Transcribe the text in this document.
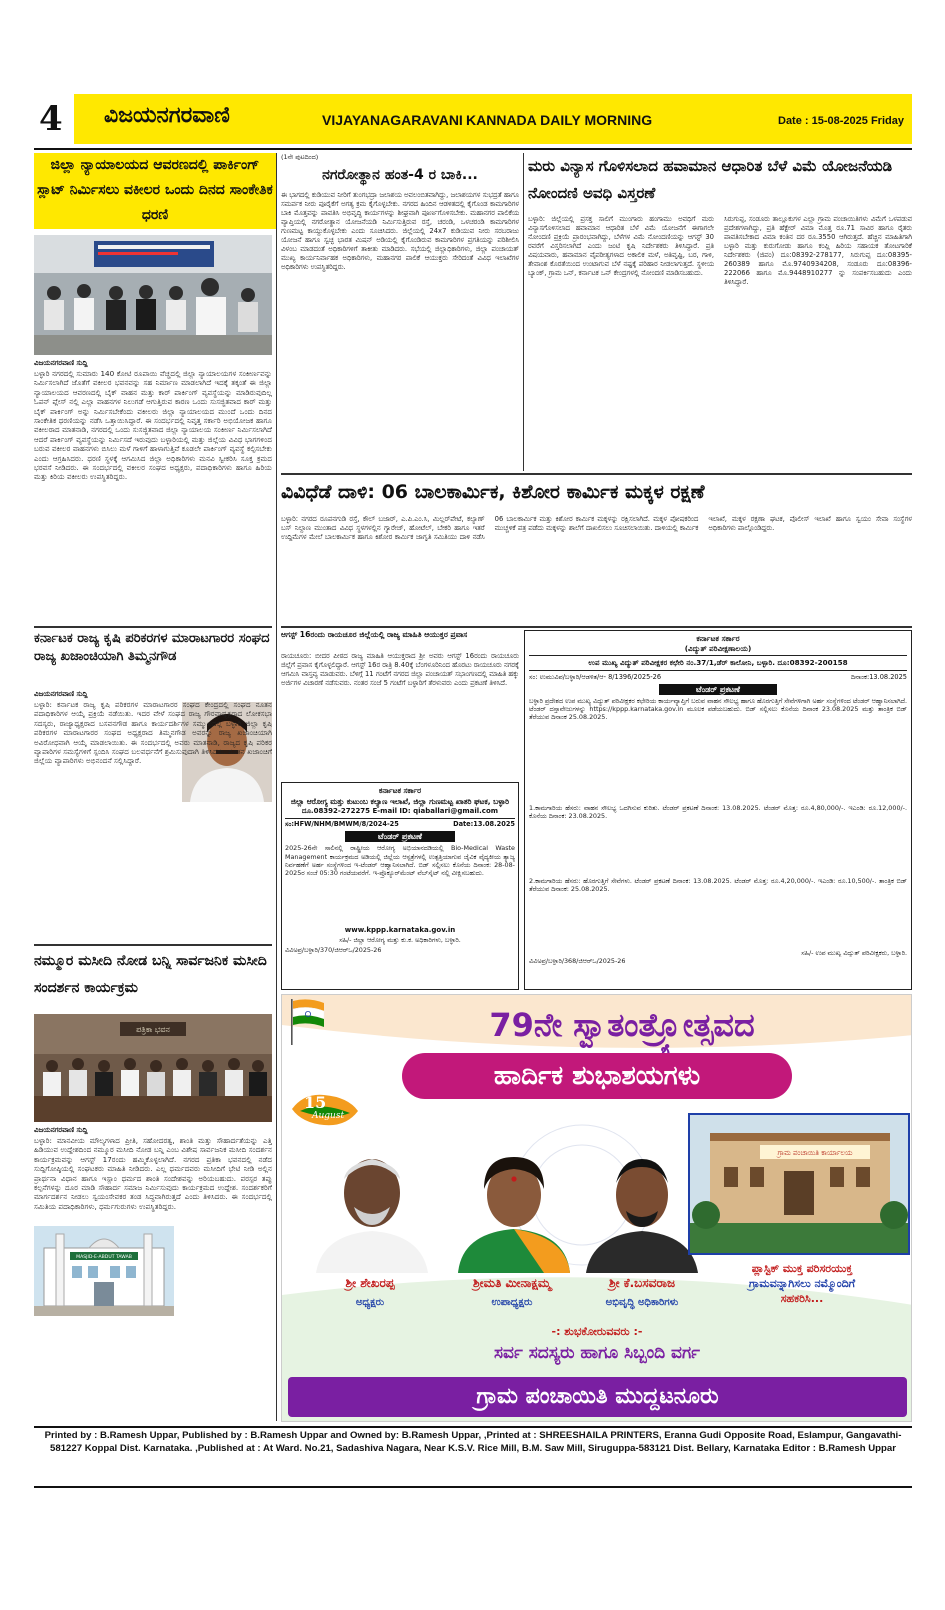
4 ವಿಜಯನಗರವಾಣಿ	VIJAYANAGARAVANI KANNADA DAILY MORNING	Date : 15-08-2025 Friday
ಜಿಲ್ಲಾ ನ್ಯಾಯಾಲಯದ ಆವರಣದಲ್ಲಿ ಪಾರ್ಕಿಂಗ್ ಸ್ಲಾಟ್ ನಿರ್ಮಿಸಲು ವಕೀಲರ ಒಂದು ದಿನದ ಸಾಂಕೇತಿಕ ಧರಣಿ
ವಿಜಯನಗರವಾಣಿ ಸುದ್ದಿ
ಬಳ್ಳಾರಿ ನಗರದಲ್ಲಿ ಸುಮಾರು 140 ಕೋಟಿ ರೂಪಾಯಿ ವೆಚ್ಚದಲ್ಲಿ ಜಿಲ್ಲಾ ನ್ಯಾಯಾಲಯಗಳ ಸಂಕೀರ್ಣವನ್ನು ನಿರ್ಮಿಸಲಾಗಿದೆ ಜೊತೆಗೆ ವಕೀಲರ ಭವನವನ್ನು ಸಹ ನಿರ್ಮಾಣ ಮಾಡಲಾಗಿದೆ ಇದಕ್ಕೆ ತಕ್ಕಂತೆ ಈ ಜಿಲ್ಲಾ ನ್ಯಾಯಾಲಯದ ಆವರಣದಲ್ಲಿ ಬೈಕ್ ವಾಹನ ಮತ್ತು ಕಾರ್ ಪಾರ್ಕಿಂಗ್ ವ್ಯವಸ್ಥೆಯನ್ನು ಮಾಡಿರುವುದಿಲ್ಲ ಓಪನ್ ಪ್ಲೇಸ್ ನಲ್ಲಿ ಎಲ್ಲಾ ವಾಹನಗಳ ನಿಲುಗಡೆ ಆಗುತ್ತಿರುವ ಕಾರಣ ಒಂದು ಸುಸಜ್ಜಿತವಾದ ಕಾರ್ ಮತ್ತು ಬೈಕ್ ಪಾರ್ಕಿಂಗ್ ಅನ್ನು ನಿರ್ಮಿಸಬೇಕೆಂದು ವಕೀಲರು ಜಿಲ್ಲಾ ನ್ಯಾಯಾಲಯದ ಮುಂದೆ ಒಂದು ದಿನದ ಸಾಂಕೇತಿಕ ಧರಣಿಯನ್ನು ನಡೆಸಿ ಒತ್ತಾಯಿಸಿದ್ದಾರೆ. ಈ ಸಂದರ್ಭದಲ್ಲಿ ನಿವೃತ್ತ ಸರ್ಕಾರಿ ಅಭಿಯೋಜಕ ಹಾಗೂ ವಕೀಲರಾದ ಮಾತನಾಡಿ, ನಗರದಲ್ಲಿ ಒಂದು ಸುಸಜ್ಜಿತವಾದ ಜಿಲ್ಲಾ ನ್ಯಾಯಾಲಯ ಸಂಕೀರ್ಣ ನಿರ್ಮಿಸಲಾಗಿದೆ ಆದರೆ ಪಾರ್ಕಿಂಗ್ ವ್ಯವಸ್ಥೆಯನ್ನು ನಿರ್ಮಿಸದೆ ಇರುವುದು ಬಳ್ಳಾರಿಯಲ್ಲಿ ಮತ್ತು ಜಿಲ್ಲೆಯ ವಿವಿಧ ಭಾಗಗಳಿಂದ ಬರುವ ವಕೀಲರ ವಾಹನಗಳು ಬಿಸಿಲು ಮಳೆ ಗಾಳಿಗೆ ಹಾಳಾಗುತ್ತಿವೆ ಕೂಡಲೇ ಪಾರ್ಕಿಂಗ್ ವ್ಯವಸ್ಥೆ ಕಲ್ಪಿಸಬೇಕು ಎಂದು ಆಗ್ರಹಿಸಿದರು. ಧರಣಿ ಸ್ಥಳಕ್ಕೆ ಆಗಮಿಸಿದ ಜಿಲ್ಲಾ ಅಧಿಕಾರಿಗಳು ಮನವಿ ಸ್ವೀಕರಿಸಿ ಸೂಕ್ತ ಕ್ರಮದ ಭರವಸೆ ನೀಡಿದರು. ಈ ಸಂದರ್ಭದಲ್ಲಿ ವಕೀಲರ ಸಂಘದ ಅಧ್ಯಕ್ಷರು, ಪದಾಧಿಕಾರಿಗಳು ಹಾಗೂ ಹಿರಿಯ ಮತ್ತು ಕಿರಿಯ ವಕೀಲರು ಉಪಸ್ಥಿತರಿದ್ದರು.
ಕರ್ನಾಟಕ ರಾಜ್ಯ ಕೃಷಿ ಪರಿಕರಗಳ ಮಾರಾಟಗಾರರ ಸಂಘದ ರಾಜ್ಯ ಖಜಾಂಚಿಯಾಗಿ ತಿಮ್ಮನಗೌಡ
ವಿಜಯನಗರವಾಣಿ ಸುದ್ದಿ
ಬಳ್ಳಾರಿ: ಕರ್ನಾಟಕ ರಾಜ್ಯ ಕೃಷಿ ಪರಿಕರಗಳ ಮಾರಾಟಗಾರರ ಸಂಘದ ಕೇಂದ್ರದಲ್ಲಿ ಸಂಘದ ನೂತನ ಪದಾಧಿಕಾರಿಗಳ ಆಯ್ಕೆ ಪ್ರಕ್ರಿಯೆ ನಡೆಯಿತು. ಇದರ ವೇಳೆ ಸಂಘದ ರಾಜ್ಯ ಗೌರವಾಧ್ಯಕ್ಷರಾದ ಲೋಕಸಭಾ ಸದಸ್ಯರು, ರಾಜ್ಯಾಧ್ಯಕ್ಷರಾದ ಬಸವನಗೌಡ ಹಾಗೂ ಕಾರ್ಯದರ್ಶಿಗಳ ಸಮ್ಮುಖದಲ್ಲಿ ಬಳ್ಳಾರಿ ಜಿಲ್ಲಾ ಕೃಷಿ ಪರಿಕರಗಳ ಮಾರಾಟಗಾರರ ಸಂಘದ ಅಧ್ಯಕ್ಷರಾದ ತಿಮ್ಮನಗೌಡ ಅವರನ್ನು ರಾಜ್ಯ ಖಜಾಂಚಿಯಾಗಿ ಅವಿರೋಧವಾಗಿ ಆಯ್ಕೆ ಮಾಡಲಾಯಿತು. ಈ ಸಂದರ್ಭದಲ್ಲಿ ಅವರು ಮಾತನಾಡಿ, ರಾಜ್ಯದ ಕೃಷಿ ಪರಿಕರ ವ್ಯಾಪಾರಿಗಳ ಸಮಸ್ಯೆಗಳಿಗೆ ಸ್ಪಂದಿಸಿ ಸಂಘದ ಬಲವರ್ಧನೆಗೆ ಶ್ರಮಿಸುವುದಾಗಿ ತಿಳಿಸಿದರು. ನೂತನ ಖಜಾಂಚಿಗೆ ಜಿಲ್ಲೆಯ ವ್ಯಾಪಾರಿಗಳು ಅಭಿನಂದನೆ ಸಲ್ಲಿಸಿದ್ದಾರೆ.
ನಮ್ಮೂರ ಮಸೀದಿ ನೋಡ ಬನ್ನಿ ಸಾರ್ವಜನಿಕ ಮಸೀದಿ ಸಂದರ್ಶನ ಕಾರ್ಯಕ್ರಮ
ಪತ್ರಿಕಾ ಭವನ
ವಿಜಯನಗರವಾಣಿ ಸುದ್ದಿ
ಬಳ್ಳಾರಿ: ಮಾನವೀಯ ಮೌಲ್ಯಗಳಾದ ಪ್ರೀತಿ, ಸಹೋದರತ್ವ, ಶಾಂತಿ ಮತ್ತು ಸೌಹಾರ್ದತೆಯನ್ನು ಎತ್ತಿ ಹಿಡಿಯುವ ಉದ್ದೇಶದಿಂದ ನಮ್ಮೂರ ಮಸೀದಿ ನೋಡ ಬನ್ನಿ ಎಂಬ ವಿಶೇಷ ಸಾರ್ವಜನಿಕ ಮಸೀದಿ ಸಂದರ್ಶನ ಕಾರ್ಯಕ್ರಮವನ್ನು ಆಗಸ್ಟ್ 17ರಂದು ಹಮ್ಮಿಕೊಳ್ಳಲಾಗಿದೆ. ನಗರದ ಪ್ರತಿಕಾ ಭವನದಲ್ಲಿ ನಡೆದ ಸುದ್ದಿಗೋಷ್ಠಿಯಲ್ಲಿ ಸಂಘಟಕರು ಮಾಹಿತಿ ನೀಡಿದರು. ಎಲ್ಲ ಧರ್ಮದವರು ಮಸೀದಿಗೆ ಭೇಟಿ ನೀಡಿ ಅಲ್ಲಿನ ಪ್ರಾರ್ಥನಾ ವಿಧಾನ ಹಾಗೂ ಇಸ್ಲಾಂ ಧರ್ಮದ ಶಾಂತಿ ಸಂದೇಶವನ್ನು ಅರಿಯಬಹುದು. ಪರಸ್ಪರ ತಪ್ಪು ಕಲ್ಪನೆಗಳನ್ನು ದೂರ ಮಾಡಿ ಸೌಹಾರ್ದ ಸಮಾಜ ನಿರ್ಮಿಸುವುದು ಕಾರ್ಯಕ್ರಮದ ಉದ್ದೇಶ. ಸಂದರ್ಶಕರಿಗೆ ಮಾರ್ಗದರ್ಶನ ನೀಡಲು ಸ್ವಯಂಸೇವಕರ ತಂಡ ಸಿದ್ಧವಾಗಿರುತ್ತದೆ ಎಂದು ತಿಳಿಸಿದರು. ಈ ಸಂದರ್ಭದಲ್ಲಿ ಸಮಿತಿಯ ಪದಾಧಿಕಾರಿಗಳು, ಧರ್ಮಗುರುಗಳು ಉಪಸ್ಥಿತರಿದ್ದರು.
MASJID-E-ABDUT TAWAB
(1ನೇ ಪುಟದಿಂದ)
ನಗರೋತ್ಥಾನ ಹಂತ-4 ರ ಬಾಕಿ...
ಈ ಭಾಗದಲ್ಲಿ ಕುಡಿಯುವ ನೀರಿಗೆ ತುಂಗಭದ್ರಾ ಜಲಾಶಯ ಅವಲಂಬಿತವಾಗಿದ್ದು, ಜಲಾಶಯಗಳ ಸುಭದ್ರತೆ ಹಾಗೂ ಸಮರ್ಪಕ ನೀರು ಪೂರೈಕೆಗೆ ಅಗತ್ಯ ಕ್ರಮ ಕೈಗೊಳ್ಳಬೇಕು. ನಗರದ ಹಿಂದಿನ ಆಡಳಿತದಲ್ಲಿ ಕೈಗೊಂಡ ಕಾಮಗಾರಿಗಳ ಬಾಕಿ ಮೊತ್ತವನ್ನು ಪಾವತಿಸಿ ಅಭಿವೃದ್ಧಿ ಕಾರ್ಯಗಳನ್ನು ಶೀಘ್ರವಾಗಿ ಪೂರ್ಣಗೊಳಿಸಬೇಕು. ಮಹಾನಗರ ಪಾಲಿಕೆಯ ವ್ಯಾಪ್ತಿಯಲ್ಲಿ ನಗರೋತ್ಥಾನ ಯೋಜನೆಯಡಿ ನಿರ್ಮಿಸುತ್ತಿರುವ ರಸ್ತೆ, ಚರಂಡಿ, ಒಳಚರಂಡಿ ಕಾಮಗಾರಿಗಳ ಗುಣಮಟ್ಟ ಕಾಯ್ದುಕೊಳ್ಳಬೇಕು ಎಂದು ಸೂಚಿಸಿದರು. ಜಿಲ್ಲೆಯಲ್ಲಿ 24x7 ಕುಡಿಯುವ ನೀರು ಸರಬರಾಜು ಯೋಜನೆ ಹಾಗೂ ಸ್ವಚ್ಛ ಭಾರತ ಮಿಷನ್ ಅಡಿಯಲ್ಲಿ ಕೈಗೊಂಡಿರುವ ಕಾಮಗಾರಿಗಳ ಪ್ರಗತಿಯನ್ನು ಪರಿಶೀಲಿಸಿ ವಿಳಂಬ ಮಾಡದಂತೆ ಅಧಿಕಾರಿಗಳಿಗೆ ತಾಕೀತು ಮಾಡಿದರು. ಸಭೆಯಲ್ಲಿ ಜಿಲ್ಲಾಧಿಕಾರಿಗಳು, ಜಿಲ್ಲಾ ಪಂಚಾಯತ್ ಮುಖ್ಯ ಕಾರ್ಯನಿರ್ವಾಹಕ ಅಧಿಕಾರಿಗಳು, ಮಹಾನಗರ ಪಾಲಿಕೆ ಆಯುಕ್ತರು ಸೇರಿದಂತೆ ವಿವಿಧ ಇಲಾಖೆಗಳ ಅಧಿಕಾರಿಗಳು ಉಪಸ್ಥಿತರಿದ್ದರು.
ಮರು ವಿನ್ಯಾಸ ಗೊಳಿಸಲಾದ ಹವಾಮಾನ ಆಧಾರಿತ ಬೆಳೆ ವಿಮೆ ಯೋಜನೆಯಡಿ ನೋಂದಣಿ ಅವಧಿ ವಿಸ್ತರಣೆ
ಬಳ್ಳಾರಿ: ಜಿಲ್ಲೆಯಲ್ಲಿ ಪ್ರಸಕ್ತ ಸಾಲಿಗೆ ಮುಂಗಾರು ಹಂಗಾಮು ಅವಧಿಗೆ ಮರು ವಿನ್ಯಾಸಗೊಳಿಸಲಾದ ಹವಾಮಾನ ಆಧಾರಿತ ಬೆಳೆ ವಿಮೆ ಯೋಜನೆಗೆ ಈಗಾಗಲೇ ನೋಂದಣಿ ಪ್ರಕ್ರಿಯೆ ಪ್ರಾರಂಭವಾಗಿದ್ದು, ಬೆಳೆಗಳ ವಿಮೆ ನೋಂದಣಿಯನ್ನು ಆಗಸ್ಟ್ 30 ರವರೆಗೆ ವಿಸ್ತರಿಸಲಾಗಿದೆ ಎಂದು ಜಂಟಿ ಕೃಷಿ ನಿರ್ದೇಶಕರು ತಿಳಿಸಿದ್ದಾರೆ. ಪ್ರತಿ ವಿಷಯವಾರು, ಹವಾಮಾನ ವೈಪರೀತ್ಯಗಳಾದ ಅಕಾಲಿಕ ಮಳೆ, ಅತಿವೃಷ್ಟಿ, ಬರ, ಗಾಳಿ, ತೇವಾಂಶ ಕೊರತೆಯಿಂದ ಉಂಟಾಗುವ ಬೆಳೆ ನಷ್ಟಕ್ಕೆ ಪರಿಹಾರ ನೀಡಲಾಗುತ್ತದೆ. ಸ್ಥಳೀಯ ಬ್ಯಾಂಕ್, ಗ್ರಾಮ ಒನ್, ಕರ್ನಾಟಕ ಒನ್ ಕೇಂದ್ರಗಳಲ್ಲಿ ನೋಂದಣಿ ಮಾಡಿಸಬಹುದು.
ಸಿರುಗುಪ್ಪ, ಸಂಡೂರು ತಾಲ್ಲೂಕುಗಳ ಎಲ್ಲಾ ಗ್ರಾಮ ಪಂಚಾಯಿತಿಗಳು ವಿಮೆಗೆ ಒಳಪಡುವ ಪ್ರದೇಶಗಳಾಗಿದ್ದು, ಪ್ರತಿ ಹೆಕ್ಟೇರ್ ವಿಮಾ ಮೊತ್ತ ರೂ.71 ಸಾವಿರ ಹಾಗೂ ರೈತರು ಪಾವತಿಸಬೇಕಾದ ವಿಮಾ ಕಂತಿನ ದರ ರೂ.3550 ಆಗಿರುತ್ತದೆ. ಹೆಚ್ಚಿನ ಮಾಹಿತಿಗಾಗಿ ಬಳ್ಳಾರಿ ಮತ್ತು ಕುರುಗೋಡು ಹಾಗೂ ಕಂಪ್ಲಿ ಹಿರಿಯ ಸಹಾಯಕ ತೋಟಗಾರಿಕೆ ನಿರ್ದೇಶಕರು (ಜಿಪಂ) ದೂ:08392-278177, ಸಿರುಗುಪ್ಪ ದೂ:08395-260389 ಹಾಗೂ ಮೊ.9740934208, ಸಂಡೂರು ದೂ:08396-222066 ಹಾಗೂ ಮೊ.9448910277 ನ್ನು ಸಂಪರ್ಕಿಸಬಹುದು ಎಂದು ತಿಳಿಸಿದ್ದಾರೆ.
ವಿವಿಧೆಡೆ ದಾಳಿ: 06 ಬಾಲಕಾರ್ಮಿಕ, ಕಿಶೋರ ಕಾರ್ಮಿಕ ಮಕ್ಕಳ ರಕ್ಷಣೆ
ಬಳ್ಳಾರಿ: ನಗರದ ರೂಪನಗುಡಿ ರಸ್ತೆ, ಕೌಲ್ ಬಜಾರ್, ಎ.ಪಿ.ಎಂ.ಸಿ, ಮಿಲ್ಲರ್‌ಪೇಟೆ, ಕಲ್ಯಾಣ್ ಬಸ್ ನಿಲ್ದಾಣ ಮುಂತಾದ ವಿವಿಧ ಸ್ಥಳಗಳಲ್ಲಿನ ಗ್ಯಾರೇಜ್, ಹೋಟೆಲ್, ಬೇಕರಿ ಹಾಗೂ ಇತರೆ ಉದ್ದಿಮೆಗಳ ಮೇಲೆ ಬಾಲಕಾರ್ಮಿಕ ಹಾಗೂ ಕಿಶೋರ ಕಾರ್ಮಿಕ ಜಾಗೃತಿ ಸಮಿತಿಯು ದಾಳಿ ನಡೆಸಿ 06 ಬಾಲಕಾರ್ಮಿಕ ಮತ್ತು ಕಿಶೋರ ಕಾರ್ಮಿಕ ಮಕ್ಕಳನ್ನು ರಕ್ಷಿಸಲಾಗಿದೆ. ಮಕ್ಕಳ ಪೋಷಕರಿಂದ ಮುಚ್ಚಳಿಕೆ ಪತ್ರ ಪಡೆದು ಮಕ್ಕಳನ್ನು ಶಾಲೆಗೆ ದಾಖಲಿಸಲು ಸೂಚಿಸಲಾಯಿತು. ದಾಳಿಯಲ್ಲಿ ಕಾರ್ಮಿಕ ಇಲಾಖೆ, ಮಕ್ಕಳ ರಕ್ಷಣಾ ಘಟಕ, ಪೊಲೀಸ್ ಇಲಾಖೆ ಹಾಗೂ ಸ್ವಯಂ ಸೇವಾ ಸಂಸ್ಥೆಗಳ ಅಧಿಕಾರಿಗಳು ಪಾಲ್ಗೊಂಡಿದ್ದರು.
ಆಗಸ್ಟ್ 16ರಂದು ರಾಯಚೂರ ಜಿಲ್ಲೆಯಲ್ಲಿ ರಾಜ್ಯ ಮಾಹಿತಿ ಆಯುಕ್ತರ ಪ್ರವಾಸ
ರಾಯಚೂರು: ಬೀದರ ಪೀಠದ ರಾಜ್ಯ ಮಾಹಿತಿ ಆಯುಕ್ತರಾದ ಶ್ರೀ ಅವರು ಆಗಸ್ಟ್ 16ರಂದು ರಾಯಚೂರು ಜಿಲ್ಲೆಗೆ ಪ್ರವಾಸ ಕೈಗೊಳ್ಳಲಿದ್ದಾರೆ. ಆಗಸ್ಟ್ 16ರ ರಾತ್ರಿ 8.40ಕ್ಕೆ ಬೆಂಗಳೂರಿನಿಂದ ಹೊರಟು ರಾಯಚೂರು ನಗರಕ್ಕೆ ಆಗಮಿಸಿ ವಾಸ್ತವ್ಯ ಮಾಡುವರು. ಬೆಳಿಗ್ಗೆ 11 ಗಂಟೆಗೆ ನಗರದ ಜಿಲ್ಲಾ ಪಂಚಾಯತ್ ಸಭಾಂಗಣದಲ್ಲಿ ಮಾಹಿತಿ ಹಕ್ಕು ಅರ್ಜಿಗಳ ವಿಚಾರಣೆ ನಡೆಸುವರು. ನಂತರ ಸಂಜೆ 5 ಗಂಟೆಗೆ ಬಳ್ಳಾರಿಗೆ ತೆರಳುವರು ಎಂದು ಪ್ರಕಟಣೆ ತಿಳಿಸಿದೆ.
ಕರ್ನಾಟಕ ಸರ್ಕಾರ
ಜಿಲ್ಲಾ ಆರೋಗ್ಯ ಮತ್ತು ಕುಟುಂಬ ಕಲ್ಯಾಣ ಇಲಾಖೆ, ಜಿಲ್ಲಾ ಗುಣಮಟ್ಟ ಖಾತರಿ ಘಟಕ, ಬಳ್ಳಾರಿ
ದೂ.08392-272275 E-mail ID: qiaballari@gmail.com
ಸಂ:HFW/NHM/BMWM/8/2024-25	Date:13.08.2025
ಟೆಂಡರ್ ಪ್ರಕಟಣೆ
2025-26ನೇ ಸಾಲಿನಲ್ಲಿ ರಾಷ್ಟ್ರೀಯ ಆರೋಗ್ಯ ಅಭಿಯಾನದಡಿಯಲ್ಲಿ Bio-Medical Waste Management ಕಾರ್ಯಕ್ರಮದ ಅಡಿಯಲ್ಲಿ ಜಿಲ್ಲೆಯ ಆಸ್ಪತ್ರೆಗಳಲ್ಲಿ ಉತ್ಪತ್ತಿಯಾಗುವ ಜೈವಿಕ ವೈದ್ಯಕೀಯ ತ್ಯಾಜ್ಯ ನಿರ್ವಹಣೆಗೆ ಅರ್ಹ ಸಂಸ್ಥೆಗಳಿಂದ ಇ-ಟೆಂಡರ್ ಆಹ್ವಾನಿಸಲಾಗಿದೆ. ಬಿಡ್ ಸಲ್ಲಿಸಲು ಕೊನೆಯ ದಿನಾಂಕ: 28-08-2025ರ ಸಂಜೆ 05:30 ಗಂಟೆಯವರೆಗೆ. ಇ-ಪ್ರೊಕ್ಯೂರ್‌ಮೆಂಟ್ ವೆಬ್‌ಸೈಟ್ ನಲ್ಲಿ ವೀಕ್ಷಿಸಬಹುದು.
www.kppp.karnataka.gov.in
ಸಹಿ/- ಜಿಲ್ಲಾ ಆರೋಗ್ಯ ಮತ್ತು ಕು.ಕ. ಅಧಿಕಾರಿಗಳು, ಬಳ್ಳಾರಿ.
ವಿವಿಅಪ್ರ/ಬಳ್ಳಾರಿ/370/ಜಿಆರ್‌ಒ/2025-26
ಕರ್ನಾಟಕ ಸರ್ಕಾರ
(ವಿದ್ಯುತ್ ಪರಿವೀಕ್ಷಣಾಲಯ)
ಉಪ ಮುಖ್ಯ ವಿದ್ಯುತ್ ಪರಿವೀಕ್ಷಕರ ಕಛೇರಿ ನಂ.37/1,ಡೆರ್ ಕಾಲೋನಿ, ಬಳ್ಳಾರಿ. ದೂ:08392-200158
ಸಂ: ಉಮುವಿಪ/ಬಳ್ಳಾರಿ/ಆಡಳಿತ/ಆ- 8/1396/2025-26	ದಿನಾಂಕ:13.08.2025
ಟೆಂಡರ್ ಪ್ರಕಟಣೆ
ಬಳ್ಳಾರಿ ಪ್ರದೇಶದ ಉಪ ಮುಖ್ಯ ವಿದ್ಯುತ್ ಪರಿವೀಕ್ಷಕರ ಕಛೇರಿಯ ಕಾರ್ಯವ್ಯಾಪ್ತಿಗೆ ಬರುವ ವಾಹನ ಸೌಲಭ್ಯ ಹಾಗೂ ಹೊರಗುತ್ತಿಗೆ ಸೇವೆಗಳಿಗಾಗಿ ಅರ್ಹ ಸಂಸ್ಥೆಗಳಿಂದ ಟೆಂಡರ್ ಆಹ್ವಾನಿಸಲಾಗಿದೆ. ಟೆಂಡರ್ ದಸ್ತಾವೇಜುಗಳನ್ನು https://kppp.karnataka.gov.in ಮೂಲಕ ಪಡೆಯಬಹುದು. ಬಿಡ್ ಸಲ್ಲಿಸಲು ಕೊನೆಯ ದಿನಾಂಕ 23.08.2025 ಮತ್ತು ತಾಂತ್ರಿಕ ಬಿಡ್ ತೆರೆಯುವ ದಿನಾಂಕ 25.08.2025.
1.ಕಾಮಗಾರಿಯ ಹೆಸರು: ವಾಹನ ಸೌಲಭ್ಯ ಒದಗಿಸುವ ಕುರಿತು. ಟೆಂಡರ್ ಪ್ರಕಟಣೆ ದಿನಾಂಕ: 13.08.2025. ಟೆಂಡರ್ ಮೊತ್ತ: ರೂ.4,80,000/-. ಇಎಂಡಿ: ರೂ.12,000/-. ಕೊನೆಯ ದಿನಾಂಕ: 23.08.2025.
2.ಕಾಮಗಾರಿಯ ಹೆಸರು: ಹೊರಗುತ್ತಿಗೆ ಸೇವೆಗಳು. ಟೆಂಡರ್ ಪ್ರಕಟಣೆ ದಿನಾಂಕ: 13.08.2025. ಟೆಂಡರ್ ಮೊತ್ತ: ರೂ.4,20,000/-. ಇಎಂಡಿ: ರೂ.10,500/-. ತಾಂತ್ರಿಕ ಬಿಡ್ ತೆರೆಯುವ ದಿನಾಂಕ: 25.08.2025.
ಸಹಿ/- ಉಪ ಮುಖ್ಯ ವಿದ್ಯುತ್ ಪರಿವೀಕ್ಷಕರು, ಬಳ್ಳಾರಿ.
ವಿವಿಅಪ್ರ/ಬಳ್ಳಾರಿ/368/ಜಿಆರ್‌ಒ/2025-26
15
August
79ನೇ ಸ್ವಾತಂತ್ರ್ಯೋತ್ಸವದ
ಹಾರ್ದಿಕ ಶುಭಾಶಯಗಳು
ಶ್ರೀ ಶೇಖರಪ್ಪ
ಅಧ್ಯಕ್ಷರು
ಶ್ರೀಮತಿ ಮೀನಾಕ್ಷಮ್ಮ
ಉಪಾಧ್ಯಕ್ಷರು
ಶ್ರೀ ಕೆ.ಬಸವರಾಜ
ಅಭಿವೃದ್ಧಿ ಅಧಿಕಾರಿಗಳು
ಗ್ರಾಮ ಪಂಚಾಯಿತಿ ಕಾರ್ಯಾಲಯ
ಪ್ಲಾಸ್ಟಿಕ್ ಮುಕ್ತ ಪರಿಸರಯುಕ್ತ
ಗ್ರಾಮವನ್ನಾಗಿಸಲು ನಮ್ಮೊಂದಿಗೆ
ಸಹಕರಿಸಿ...
-: ಶುಭಕೋರುವವರು :-
ಸರ್ವ ಸದಸ್ಯರು ಹಾಗೂ ಸಿಬ್ಬಂದಿ ವರ್ಗ
ಗ್ರಾಮ ಪಂಚಾಯಿತಿ ಮುದ್ದಟನೂರು
Printed by : B.Ramesh Uppar, Published by : B.Ramesh Uppar and Owned by: B.Ramesh Uppar, ,Printed at : SHREESHAILA PRINTERS, Eranna Gudi Opposite Road, Eslampur, Gangavathi-581227 Koppal Dist. Karnataka. ,Published at : At Ward. No.21, Sadashiva Nagara, Near K.S.V. Rice Mill, B.M. Saw Mill, Siruguppa-583121 Dist. Bellary, Karnataka Editor : B.Ramesh Uppar
